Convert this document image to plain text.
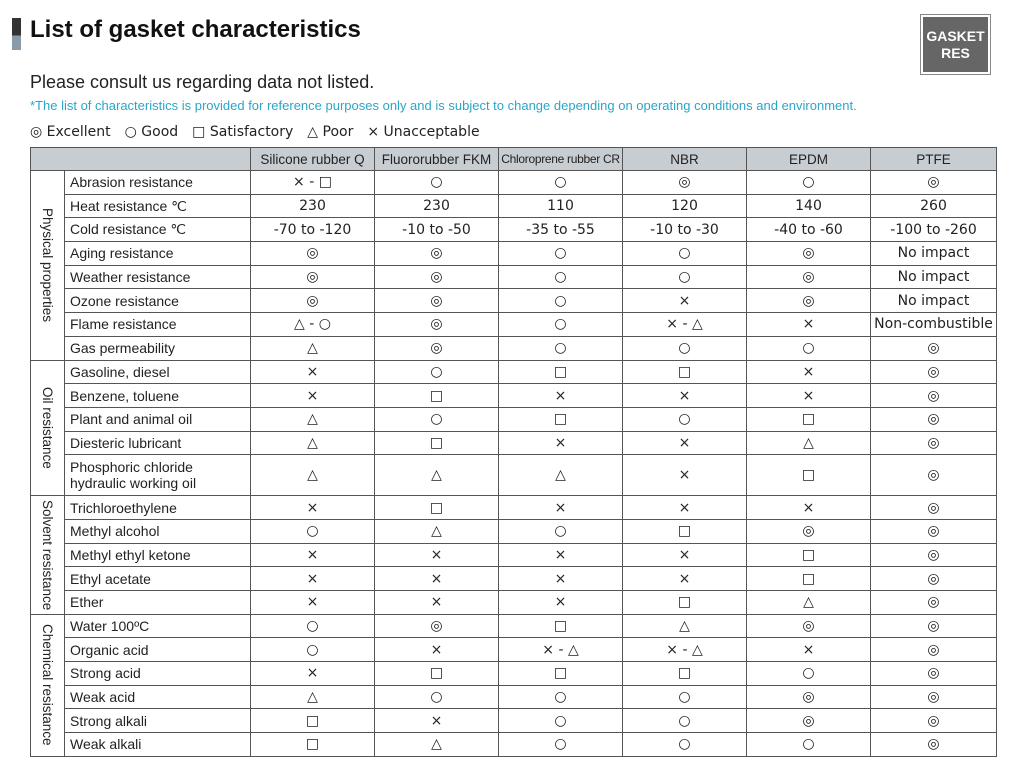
List of gasket characteristics	GASKET
RES
Please consult us regarding data not listed.
*The list of characteristics is provided for reference purposes only and is subject to change depending on operating conditions and environment.
◎ Excellent ○ Good □ Satisfactory △ Poor × Unacceptable
		Silicone rubber Q	Fluororubber FKM	Chloroprene rubber CR	NBR	EPDM	PTFE

Physical properties	Abrasion resistance	× - □	○	○	◎	○	◎
	Heat resistance ℃	230	230	110	120	140	260
	Cold resistance ℃	-70 to -120	-10 to -50	-35 to -55	-10 to -30	-40 to -60	-100 to -260
	Aging resistance	◎	◎	○	○	◎	No impact
	Weather resistance	◎	◎	○	○	◎	No impact
	Ozone resistance	◎	◎	○	×	◎	No impact
	Flame resistance	△ - ○	◎	○	× - △	×	Non-combustible
	Gas permeability	△	◎	○	○	○	◎

Oil resistance	Gasoline, diesel	×	○	□	□	×	◎
	Benzene, toluene	×	□	×	×	×	◎
	Plant and animal oil	△	○	□	○	□	◎
	Diesteric lubricant	△	□	×	×	△	◎
	Phosphoric chloride hydraulic working oil	△	△	△	×	□	◎

Solvent resistance	Trichloroethylene	×	□	×	×	×	◎
	Methyl alcohol	○	△	○	□	◎	◎
	Methyl ethyl ketone	×	×	×	×	□	◎
	Ethyl acetate	×	×	×	×	□	◎
	Ether	×	×	×	□	△	◎

Chemical resistance	Water 100ºC	○	◎	□	△	◎	◎
	Organic acid	○	×	× - △	× - △	×	◎
	Strong acid	×	□	□	□	○	◎
	Weak acid	△	○	○	○	◎	◎
	Strong alkali	□	×	○	○	◎	◎
	Weak alkali	□	△	○	○	○	◎
